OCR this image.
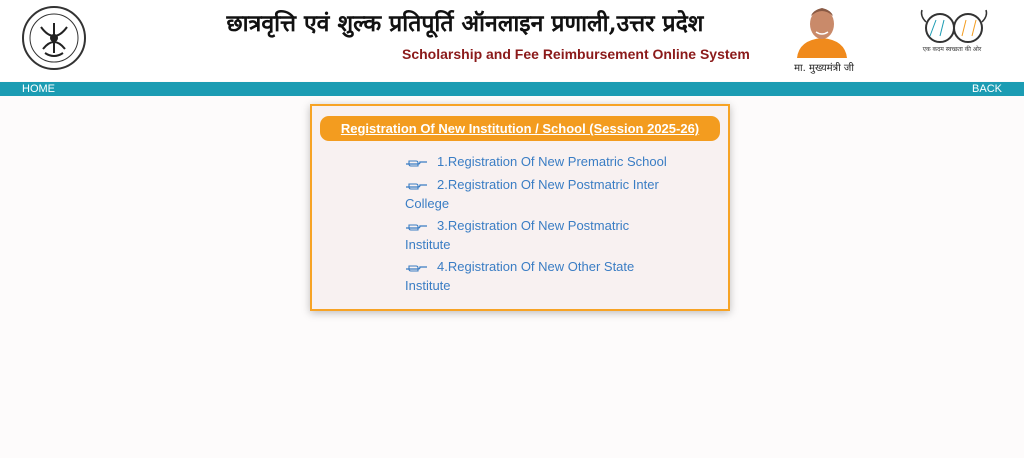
छात्रवृत्ति एवं शुल्क प्रतिपूर्ति ऑनलाइन प्रणाली,उत्तर प्रदेश
Scholarship and Fee Reimbursement Online System
मा. मुख्यमंत्री जी
एक कदम स्वच्छता की ओर
HOME	BACK
Registration Of New Institution / School (Session 2025-26)
1.Registration Of New Prematric School
2.Registration Of New Postmatric Inter College
3.Registration Of New Postmatric Institute
4.Registration Of New Other State Institute
